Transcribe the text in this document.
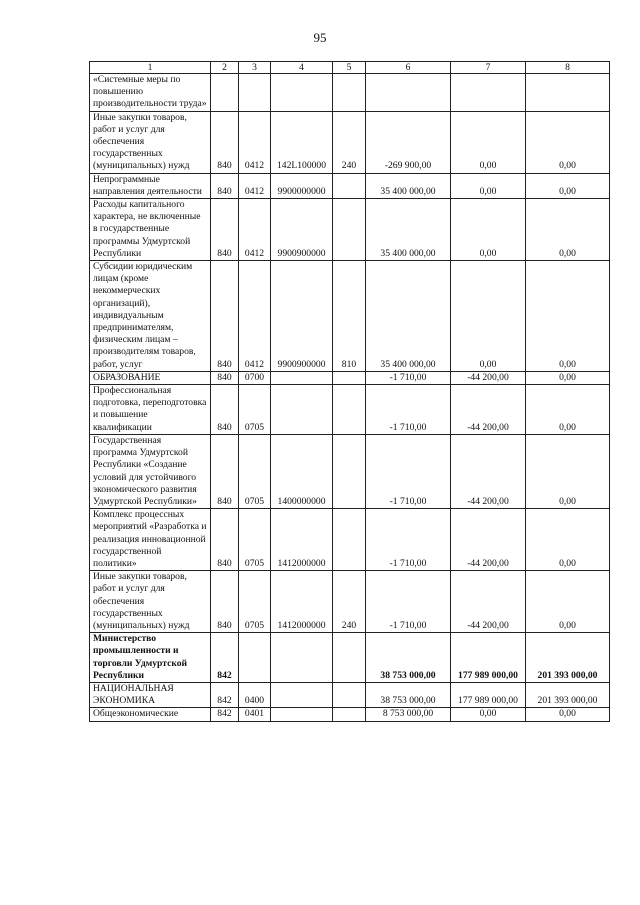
95
1	2	3	4	5	6	7	8
«Системные меры по повышению производительности труда»							
Иные закупки товаров, работ и услуг для обеспечения государственных (муниципальных) нужд	840	0412	142L100000	240	-269 900,00	0,00	0,00
Непрограммные направления деятельности	840	0412	9900000000		35 400 000,00	0,00	0,00
Расходы капитального характера, не включенные в государственные программы Удмуртской Республики	840	0412	9900900000		35 400 000,00	0,00	0,00
Субсидии юридическим лицам (кроме некоммерческих организаций), индивидуальным предпринимателям, физическим лицам – производителям товаров, работ, услуг	840	0412	9900900000	810	35 400 000,00	0,00	0,00
ОБРАЗОВАНИЕ	840	0700			-1 710,00	-44 200,00	0,00
Профессиональная подготовка, переподготовка и повышение квалификации	840	0705			-1 710,00	-44 200,00	0,00
Государственная программа Удмуртской Республики «Создание условий для устойчивого экономического развития Удмуртской Республики»	840	0705	1400000000		-1 710,00	-44 200,00	0,00
Комплекс процессных мероприятий «Разработка и реализация инновационной государственной политики»	840	0705	1412000000		-1 710,00	-44 200,00	0,00
Иные закупки товаров, работ и услуг для обеспечения государственных (муниципальных) нужд	840	0705	1412000000	240	-1 710,00	-44 200,00	0,00
Министерство промышленности и торговли Удмуртской Республики	842				38 753 000,00	177 989 000,00	201 393 000,00
НАЦИОНАЛЬНАЯ ЭКОНОМИКА	842	0400			38 753 000,00	177 989 000,00	201 393 000,00
Общеэкономические	842	0401			8 753 000,00	0,00	0,00
